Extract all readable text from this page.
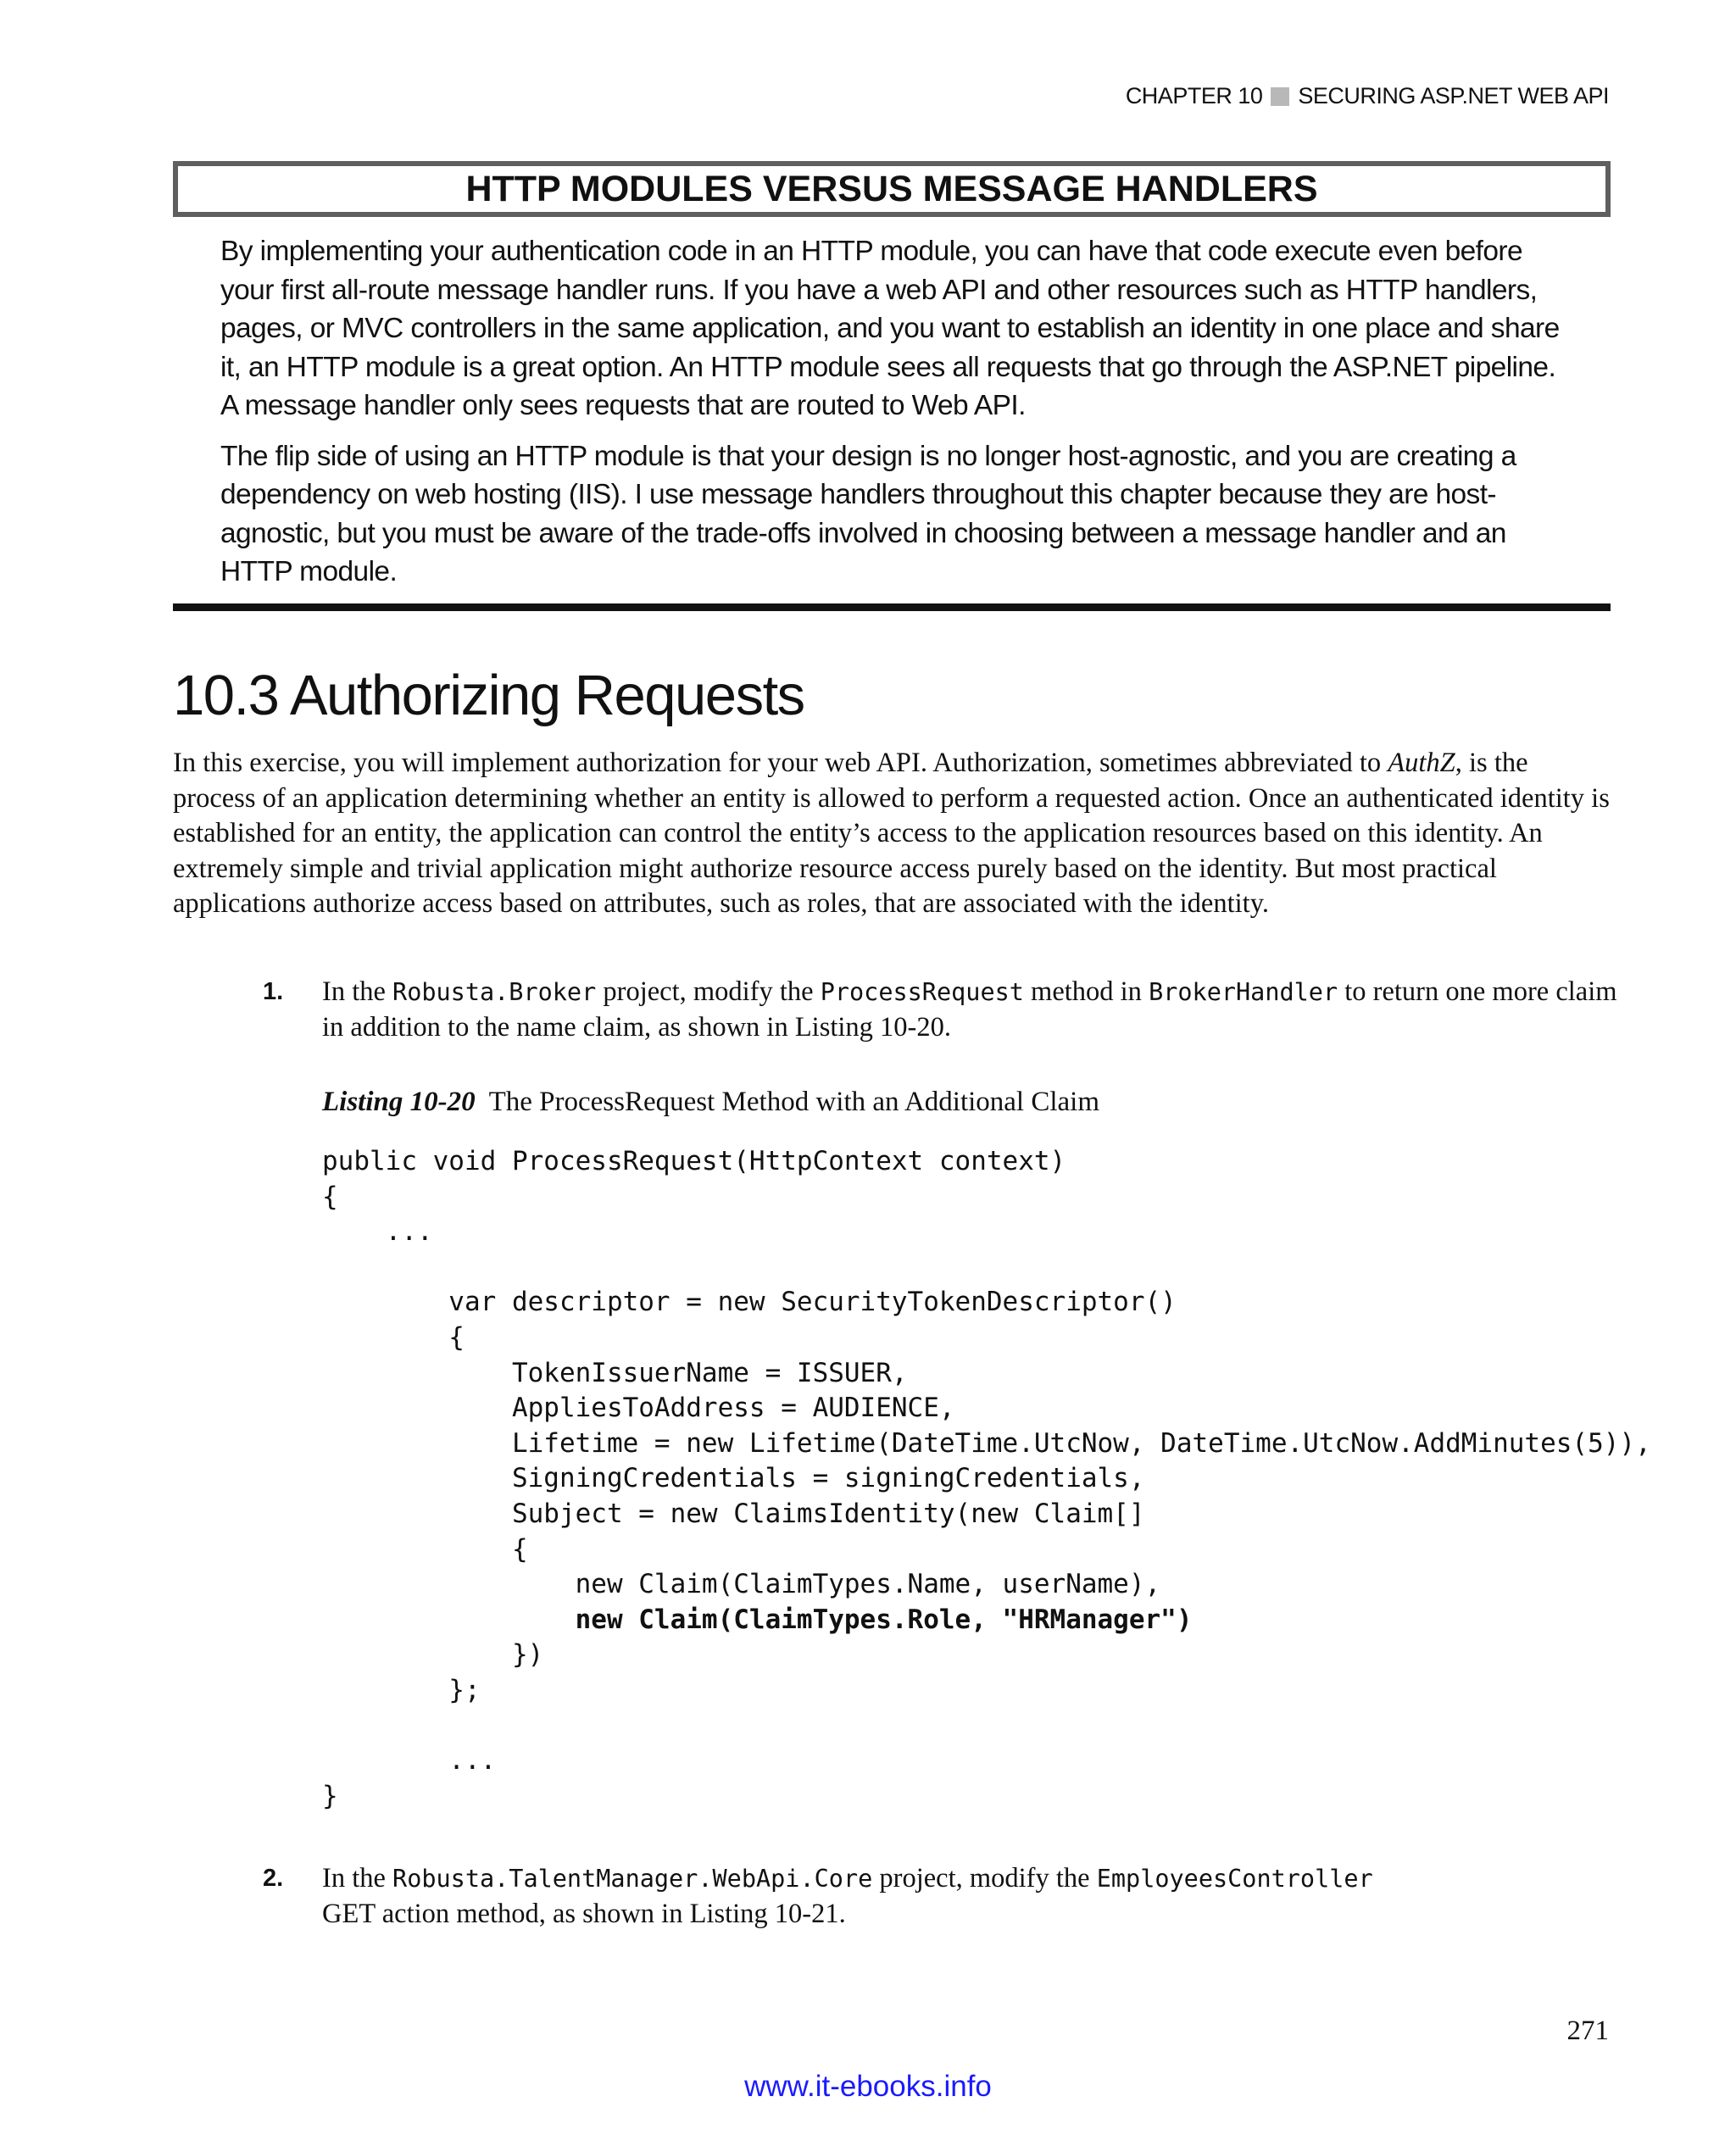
CHAPTER 10 SECURING ASP.NET WEB API
HTTP MODULES VERSUS MESSAGE HANDLERS

By implementing your authentication code in an HTTP module, you can have that code execute even before your first all-route message handler runs. If you have a web API and other resources such as HTTP handlers, pages, or MVC controllers in the same application, and you want to establish an identity in one place and share it, an HTTP module is a great option. An HTTP module sees all requests that go through the ASP.NET pipeline. A message handler only sees requests that are routed to Web API.

The flip side of using an HTTP module is that your design is no longer host-agnostic, and you are creating a dependency on web hosting (IIS). I use message handlers throughout this chapter because they are host-agnostic, but you must be aware of the trade-offs involved in choosing between a message handler and an HTTP module.

10.3 Authorizing Requests

In this exercise, you will implement authorization for your web API. Authorization, sometimes abbreviated to AuthZ, is the process of an application determining whether an entity is allowed to perform a requested action. Once an authenticated identity is established for an entity, the application can control the entity’s access to the application resources based on this identity. An extremely simple and trivial application might authorize resource access purely based on the identity. But most practical applications authorize access based on attributes, such as roles, that are associated with the identity.

1. In the Robusta.Broker project, modify the ProcessRequest method in BrokerHandler to return one more claim in addition to the name claim, as shown in Listing 10-20.
Listing 10-20 The ProcessRequest Method with an Additional Claim
public void ProcessRequest(HttpContext context)
{
...
var descriptor = new SecurityTokenDescriptor()
{
TokenIssuerName = ISSUER,
AppliesToAddress = AUDIENCE,
Lifetime = new Lifetime(DateTime.UtcNow, DateTime.UtcNow.AddMinutes(5)),
SigningCredentials = signingCredentials,
Subject = new ClaimsIdentity(new Claim[]
{
new Claim(ClaimTypes.Name, userName),
new Claim(ClaimTypes.Role, "HRManager")
})
};
...
}
2. In the Robusta.TalentManager.WebApi.Core project, modify the EmployeesController
GET action method, as shown in Listing 10-21.
271
www.it-ebooks.info
